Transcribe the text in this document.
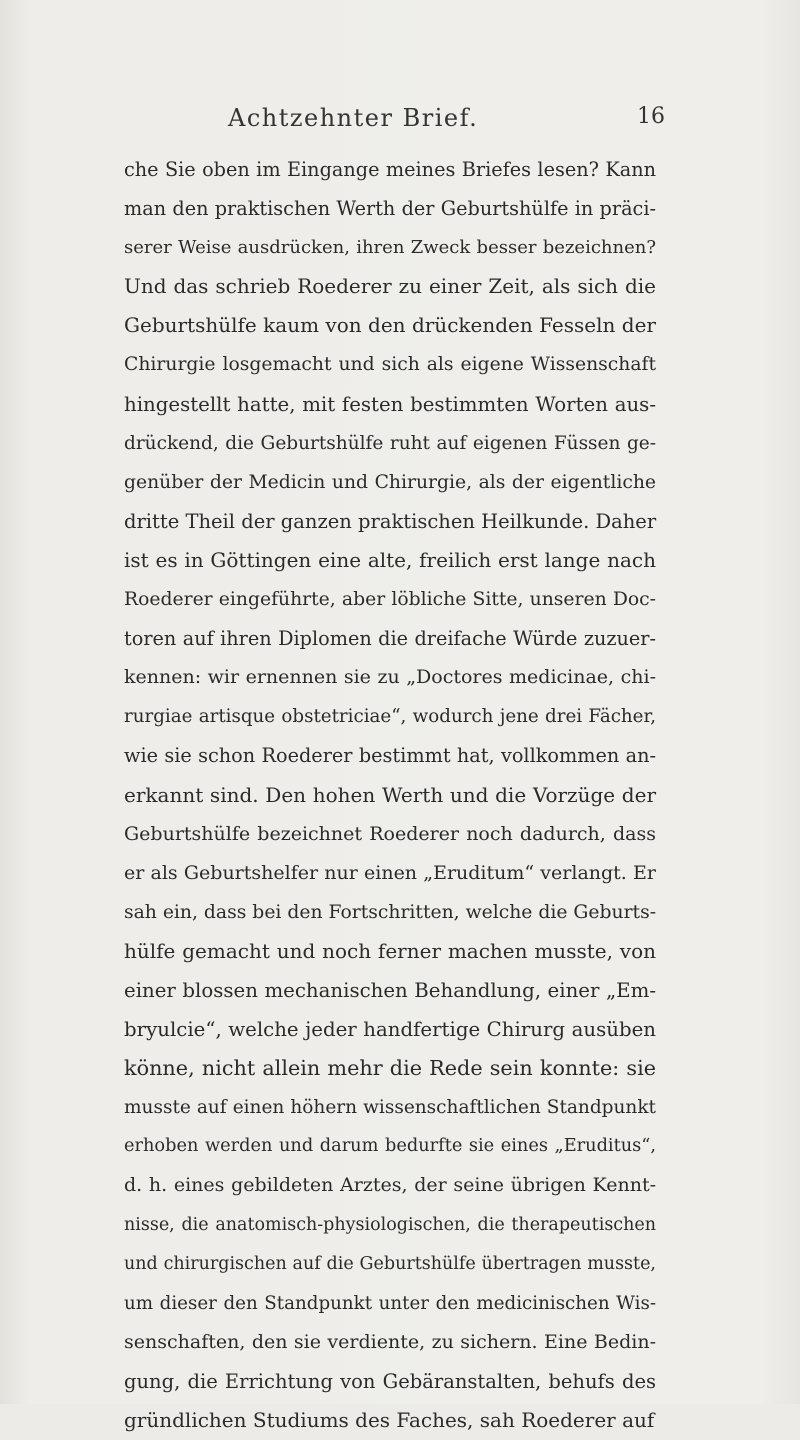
Achtzehnter Brief.	16
che Sie oben im Eingange meines Briefes lesen? Kann
man den praktischen Werth der Geburtshülfe in präci-
serer Weise ausdrücken, ihren Zweck besser bezeichnen?
Und das schrieb Roederer zu einer Zeit, als sich die
Geburtshülfe kaum von den drückenden Fesseln der
Chirurgie losgemacht und sich als eigene Wissenschaft
hingestellt hatte, mit festen bestimmten Worten aus-
drückend, die Geburtshülfe ruht auf eigenen Füssen ge-
genüber der Medicin und Chirurgie, als der eigentliche
dritte Theil der ganzen praktischen Heilkunde. Daher
ist es in Göttingen eine alte, freilich erst lange nach
Roederer eingeführte, aber löbliche Sitte, unseren Doc-
toren auf ihren Diplomen die dreifache Würde zuzuer-
kennen: wir ernennen sie zu „Doctores medicinae, chi-
rurgiae artisque obstetriciae“, wodurch jene drei Fächer,
wie sie schon Roederer bestimmt hat, vollkommen an-
erkannt sind. Den hohen Werth und die Vorzüge der
Geburtshülfe bezeichnet Roederer noch dadurch, dass
er als Geburtshelfer nur einen „Eruditum“ verlangt. Er
sah ein, dass bei den Fortschritten, welche die Geburts-
hülfe gemacht und noch ferner machen musste, von
einer blossen mechanischen Behandlung, einer „Em-
bryulcie“, welche jeder handfertige Chirurg ausüben
könne, nicht allein mehr die Rede sein konnte: sie
musste auf einen höhern wissenschaftlichen Standpunkt
erhoben werden und darum bedurfte sie eines „Eruditus“,
d. h. eines gebildeten Arztes, der seine übrigen Kennt-
nisse, die anatomisch-physiologischen, die therapeutischen
und chirurgischen auf die Geburtshülfe übertragen musste,
um dieser den Standpunkt unter den medicinischen Wis-
senschaften, den sie verdiente, zu sichern. Eine Bedin-
gung, die Errichtung von Gebäranstalten, behufs des
gründlichen Studiums des Faches, sah Roederer auf
